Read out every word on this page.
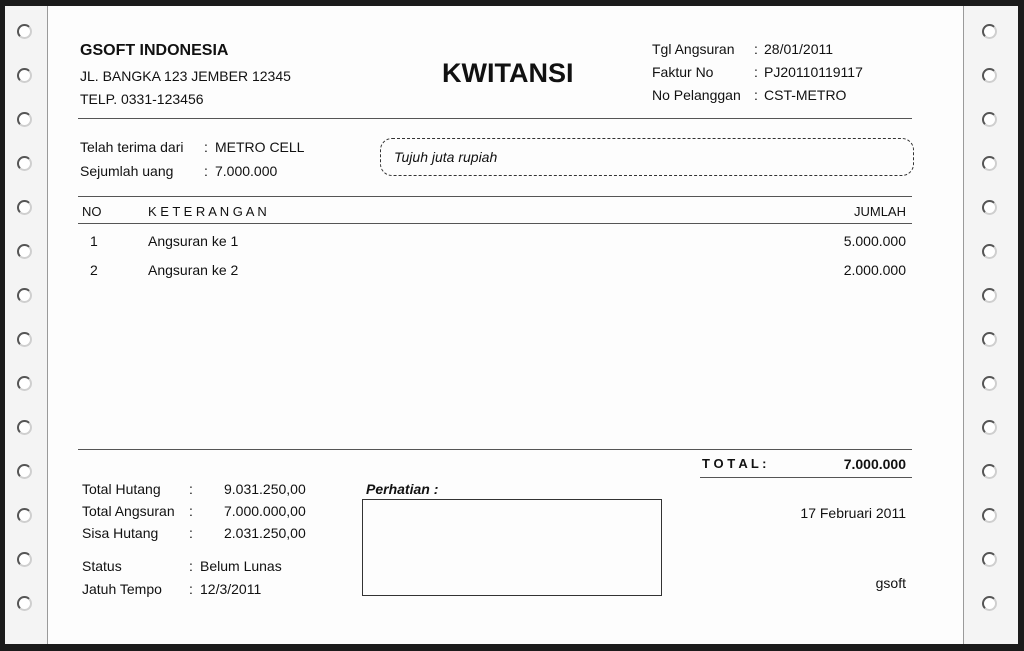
GSOFT INDONESIA
JL. BANGKA 123 JEMBER 12345
TELP. 0331-123456
KWITANSI
Tgl Angsuran : 28/01/2011
Faktur No	: PJ20110119117
No Pelanggan : CST-METRO
Telah terima dari : METRO CELL
Sejumlah uang : 7.000.000
Tujuh juta rupiah
NO	K E T E R A N G A N	JUMLAH
1	Angsuran ke 1	5.000.000
2	Angsuran ke 2	2.000.000
T O T A L :	7.000.000
Total Hutang : 9.031.250,00
Total Angsuran : 7.000.000,00
Sisa Hutang : 2.031.250,00
Status	: Belum Lunas
Jatuh Tempo : 12/3/2011
Perhatian :
17 Februari 2011
gsoft
